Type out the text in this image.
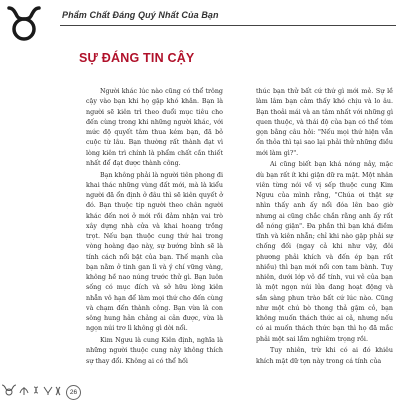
Phẩm Chất Đáng Quý Nhất Của Bạn
SỰ ĐÁNG TIN CẬY

Người khác lúc nào cũng có thể trông cậy vào bạn khi họ gặp khó khăn. Bạn là người sẽ kiên trì theo đuổi mục tiêu cho đến cùng trong khi những người khác, với mức độ quyết tâm thua kém bạn, đã bỏ cuộc từ lâu. Bạn thường rất thành đạt vì lòng kiên trì chính là phẩm chất cần thiết nhất để đạt được thành công.

Bạn không phải là người tiên phong đi khai thác những vùng đất mới, mà là kiểu người đã ổn định ở đâu thì sẽ kiên quyết ở đó. Bạn thuộc tip người theo chân người khác đến nơi ở mới rồi đảm nhận vai trò xây dựng nhà cửa và khai hoang trồng trọt. Nếu bạn thuộc cung thứ hai trong vòng hoàng đạo này, sự bướng bỉnh sẽ là tính cách nổi bật của bạn. Thế mạnh của bạn nằm ở tinh gan lì và ý chí vững vàng, không hề nao núng trước thử gì. Bạn luôn sống có mục đích và sở hữu lòng kiên nhẫn vô hạn để làm mọi thứ cho đến cùng và chạm đến thành công. Bạn vừa là con sông hung hản chảng ai cản được, vừa là ngọn núi trơ lì không gì dời nổi.

Kim Ngưu là cung Kiên định, nghĩa là những người thuộc cung này không thích sự thay đổi. Không ai có thể hối

thúc bạn thử bất cứ thứ gì mới mẻ. Sự lề làm lâm bạn cảm thấy khó chịu và lo âu. Bạn thoải mái và an tâm nhất với những gì quen thuộc, và thái độ của bạn có thể tóm gọn bằng câu hỏi: "Nếu mọi thứ hiện vẫn ổn thỏa thì tại sao lại phải thử những điều mới làm gì?".

Ai cũng biết bạn khá nóng nảy, mặc dù bạn rất ít khi giận dữ ra mặt. Một nhân viên từng nói về vị sếp thuộc cung Kim Ngưu của mình rằng, "Chúa ơi thật sự nhìn thấy anh ấy nổi đóa lên bao giờ nhưng ai cũng chắc chắn rằng anh ấy rất dễ nóng giận". Đa phần thì bạn khá điềm tĩnh và kiên nhẫn; chỉ khi nào gặp phải sự chống đối (ngay cả khi như vậy, đôi phương phải khích và đến ép bạn rất nhiều) thì bạn mới nổi cơn tam bành. Tuy nhiên, dưới lớp vỏ để tính, vui vẻ của bạn là một ngọn núi lửa đang hoạt động và sắn sàng phun trào bất cứ lúc nào. Cũng như một chú bò thong thả gặm cỏ, bạn không muốn thách thức ai cả, nhưng nếu có ai muốn thách thức bạn thì họ đã mắc phải một sai lầm nghiêm trọng rồi.

Tuy nhiên, trừ khi có ai đó khiêu khích mặt dữ tợn này trong cá tính của

26
